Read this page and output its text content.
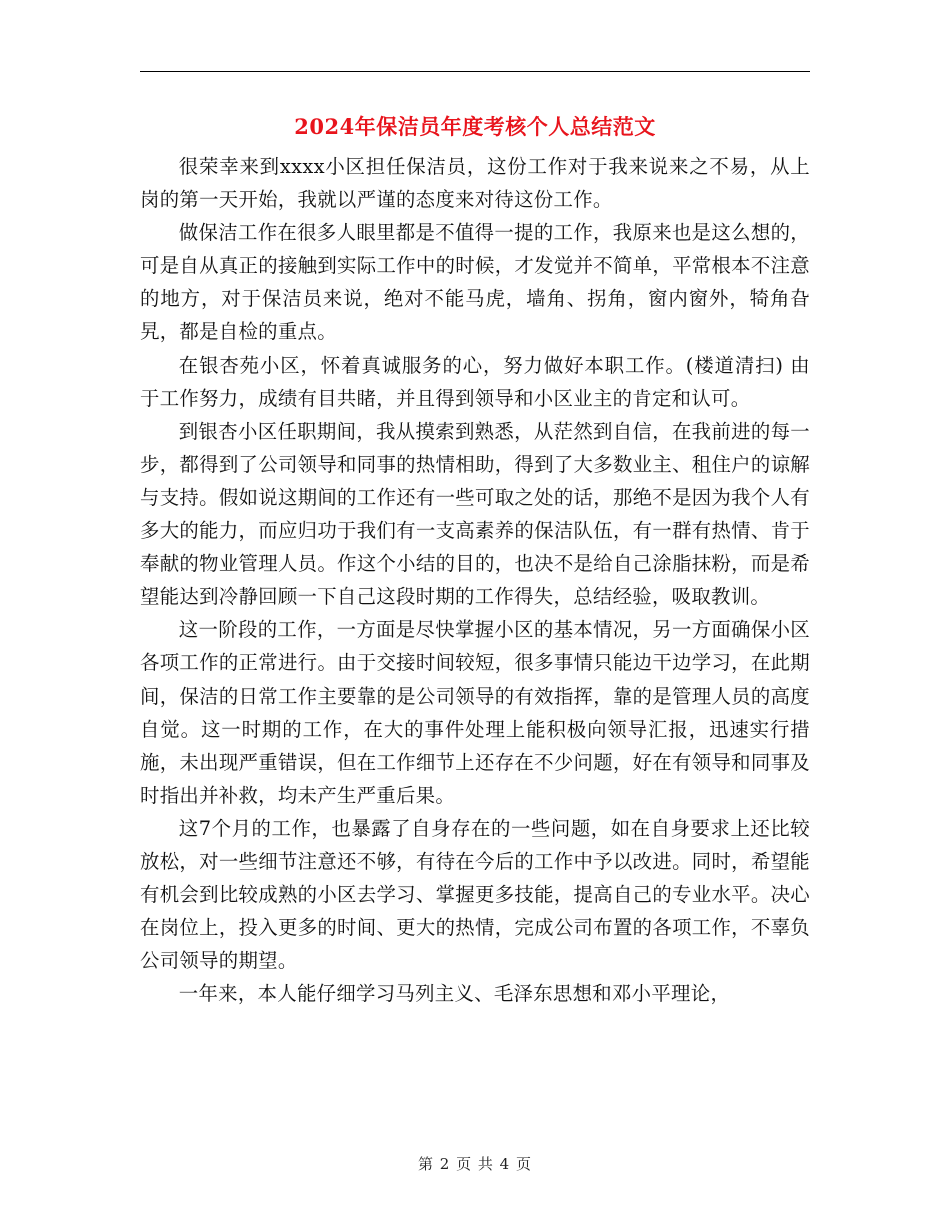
2024年保洁员年度考核个人总结范文

很荣幸来到xxxx小区担任保洁员，这份工作对于我来说来之不易，从上岗的第一天开始，我就以严谨的态度来对待这份工作。

做保洁工作在很多人眼里都是不值得一提的工作，我原来也是这么想的，可是自从真正的接触到实际工作中的时候，才发觉并不简单，平常根本不注意的地方，对于保洁员来说，绝对不能马虎，墙角、拐角，窗内窗外，犄角旮旯，都是自检的重点。

在银杏苑小区，怀着真诚服务的心，努力做好本职工作。(楼道清扫) 由于工作努力，成绩有目共睹，并且得到领导和小区业主的肯定和认可。

到银杏小区任职期间，我从摸索到熟悉，从茫然到自信，在我前进的每一步，都得到了公司领导和同事的热情相助，得到了大多数业主、租住户的谅解与支持。假如说这期间的工作还有一些可取之处的话，那绝不是因为我个人有多大的能力，而应归功于我们有一支高素养的保洁队伍，有一群有热情、肯于奉献的物业管理人员。作这个小结的目的，也决不是给自己涂脂抹粉，而是希望能达到冷静回顾一下自己这段时期的工作得失，总结经验，吸取教训。

这一阶段的工作，一方面是尽快掌握小区的基本情况，另一方面确保小区各项工作的正常进行。由于交接时间较短，很多事情只能边干边学习，在此期间，保洁的日常工作主要靠的是公司领导的有效指挥，靠的是管理人员的高度自觉。这一时期的工作，在大的事件处理上能积极向领导汇报，迅速实行措施，未出现严重错误，但在工作细节上还存在不少问题，好在有领导和同事及时指出并补救，均未产生严重后果。

这7个月的工作，也暴露了自身存在的一些问题，如在自身要求上还比较放松，对一些细节注意还不够，有待在今后的工作中予以改进。同时，希望能有机会到比较成熟的小区去学习、掌握更多技能，提高自己的专业水平。决心在岗位上，投入更多的时间、更大的热情，完成公司布置的各项工作，不辜负公司领导的期望。

一年来，本人能仔细学习马列主义、毛泽东思想和邓小平理论，

第 2 页 共 4 页
